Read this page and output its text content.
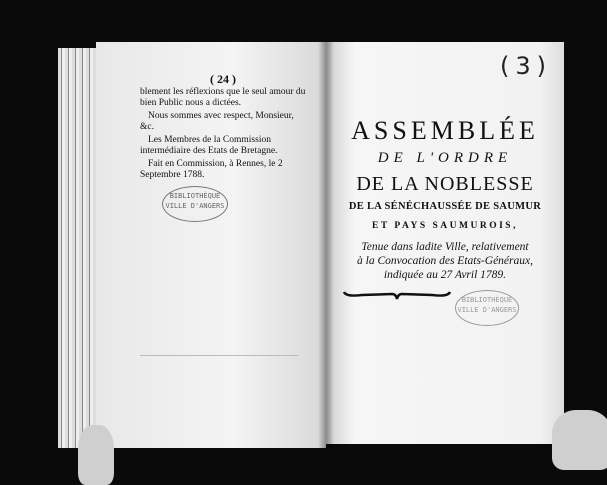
( 24 )
blement les réflexions que le seul amour du bien Public nous a dictées.
Nous sommes avec respect, Monsieur, &c.
Les Membres de la Commission intermédiaire des Etats de Bretagne.
Fait en Commission, à Rennes, le 2 Septembre 1788.
BIBLIOTHÈQUE
VILLE D'ANGERS
(3)
ASSEMBLÉE
DE L'ORDRE
DE LA NOBLESSE
DE LA SÉNÉCHAUSSÉE DE SAUMUR
ET PAYS SAUMUROIS,
Tenue dans ladite Ville, relativement
à la Convocation des Etats-Généraux,
indiquée au 27 Avril 1789.
BIBLIOTHÈQUE
VILLE D'ANGERS
